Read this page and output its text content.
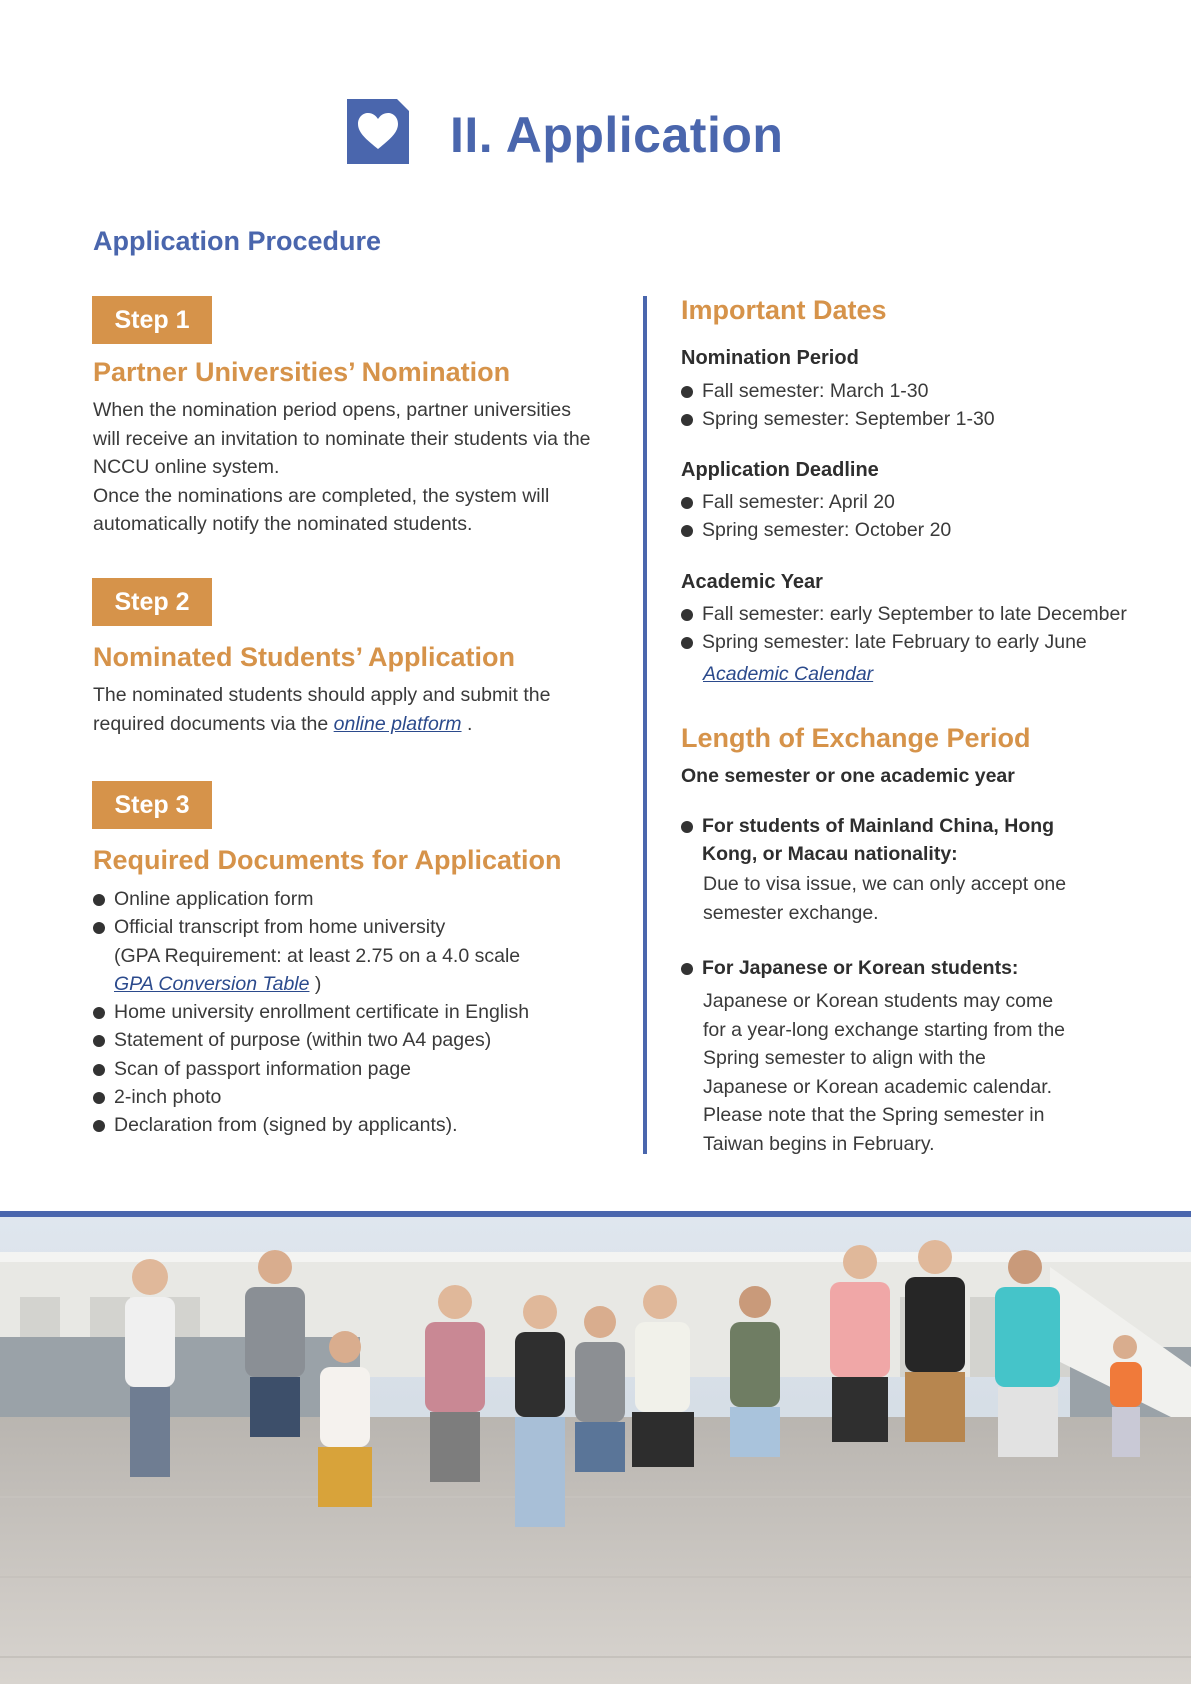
II. Application
Application Procedure
Step 1
Partner Universities’ Nomination

When the nomination period opens, partner universities will receive an invitation to nominate their students via the NCCU online system.

Once the nominations are completed, the system will automatically notify the nominated students.

Step 2
Nominated Students’ Application
The nominated students should apply and submit the required documents via the online platform .
Step 3
Required Documents for Application
Online application form
Official transcript from home university
(GPA Requirement: at least 2.75 on a 4.0 scale
GPA Conversion Table )
Home university enrollment certificate in English
Statement of purpose (within two A4 pages)
Scan of passport information page
2-inch photo
Declaration from (signed by applicants).
Important Dates
Nomination Period
Fall semester: March 1-30
Spring semester: September 1-30
Application Deadline
Fall semester: April 20
Spring semester: October 20
Academic Year
Fall semester: early September to late December
Spring semester: late February to early June
Academic Calendar
Length of Exchange Period
One semester or one academic year
For students of Mainland China, Hong Kong, or Macau nationality:
Due to visa issue, we can only accept one semester exchange.
For Japanese or Korean students:
Japanese or Korean students may come for a year-long exchange starting from the Spring semester to align with the Japanese or Korean academic calendar. Please note that the Spring semester in Taiwan begins in February.
